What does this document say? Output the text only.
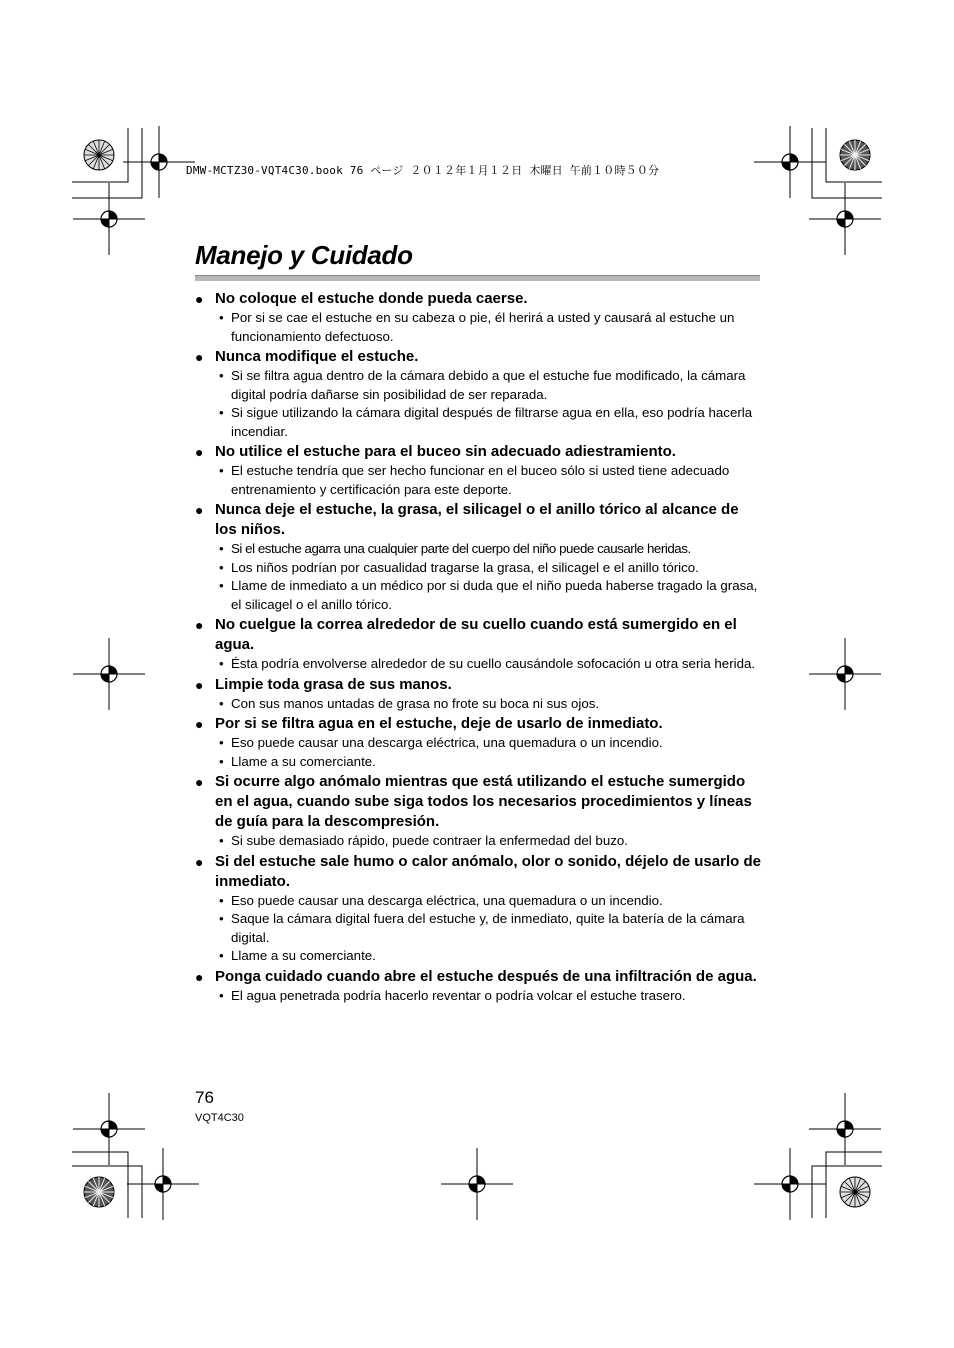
DMW-MCTZ30-VQT4C30.book 76 ページ ２０１２年１月１２日 木曜日 午前１０時５０分
Manejo y Cuidado
● No coloque el estuche donde pueda caerse.
• Por si se cae el estuche en su cabeza o pie, él herirá a usted y causará al estuche un funcionamiento defectuoso.
● Nunca modifique el estuche.
• Si se filtra agua dentro de la cámara debido a que el estuche fue modificado, la cámara digital podría dañarse sin posibilidad de ser reparada.
• Si sigue utilizando la cámara digital después de filtrarse agua en ella, eso podría hacerla incendiar.
● No utilice el estuche para el buceo sin adecuado adiestramiento.
• El estuche tendría que ser hecho funcionar en el buceo sólo si usted tiene adecuado entrenamiento y certificación para este deporte.
● Nunca deje el estuche, la grasa, el silicagel o el anillo tórico al alcance de los niños.
• Si el estuche agarra una cualquier parte del cuerpo del niño puede causarle heridas.
• Los niños podrían por casualidad tragarse la grasa, el silicagel e el anillo tórico.
• Llame de inmediato a un médico por si duda que el niño pueda haberse tragado la grasa, el silicagel o el anillo tórico.
● No cuelgue la correa alrededor de su cuello cuando está sumergido en el agua.
• Ésta podría envolverse alrededor de su cuello causándole sofocación u otra seria herida.
● Limpie toda grasa de sus manos.
• Con sus manos untadas de grasa no frote su boca ni sus ojos.
● Por si se filtra agua en el estuche, deje de usarlo de inmediato.
• Eso puede causar una descarga eléctrica, una quemadura o un incendio.
• Llame a su comerciante.
● Si ocurre algo anómalo mientras que está utilizando el estuche sumergido en el agua, cuando sube siga todos los necesarios procedimientos y líneas de guía para la descompresión.
• Si sube demasiado rápido, puede contraer la enfermedad del buzo.
● Si del estuche sale humo o calor anómalo, olor o sonido, déjelo de usarlo de inmediato.
• Eso puede causar una descarga eléctrica, una quemadura o un incendio.
• Saque la cámara digital fuera del estuche y, de inmediato, quite la batería de la cámara digital.
• Llame a su comerciante.
● Ponga cuidado cuando abre el estuche después de una infiltración de agua.
• El agua penetrada podría hacerlo reventar o podría volcar el estuche trasero.
76
VQT4C30
